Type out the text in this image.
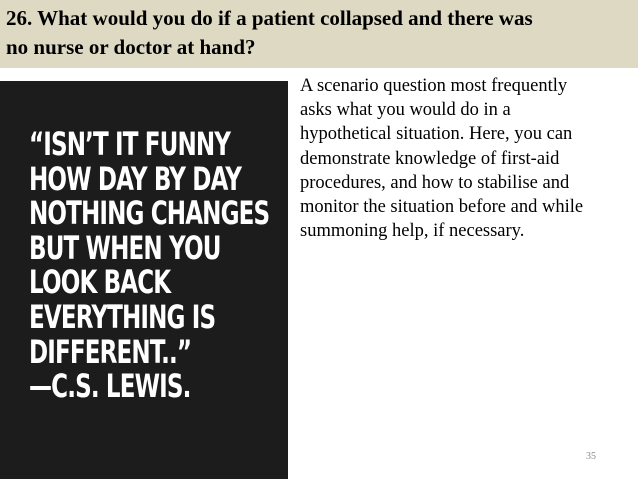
26. What would you do if a patient collapsed and there was
no nurse or doctor at hand?
“ISN’T IT FUNNY
HOW DAY BY DAY
NOTHING CHANGES
BUT WHEN YOU
LOOK BACK
EVERYTHING IS
DIFFERENT..”
—C.S. LEWIS.
A scenario question most frequently
asks what you would do in a
hypothetical situation. Here, you can
demonstrate knowledge of first-aid
procedures, and how to stabilise and
monitor the situation before and while
summoning help, if necessary.
35
